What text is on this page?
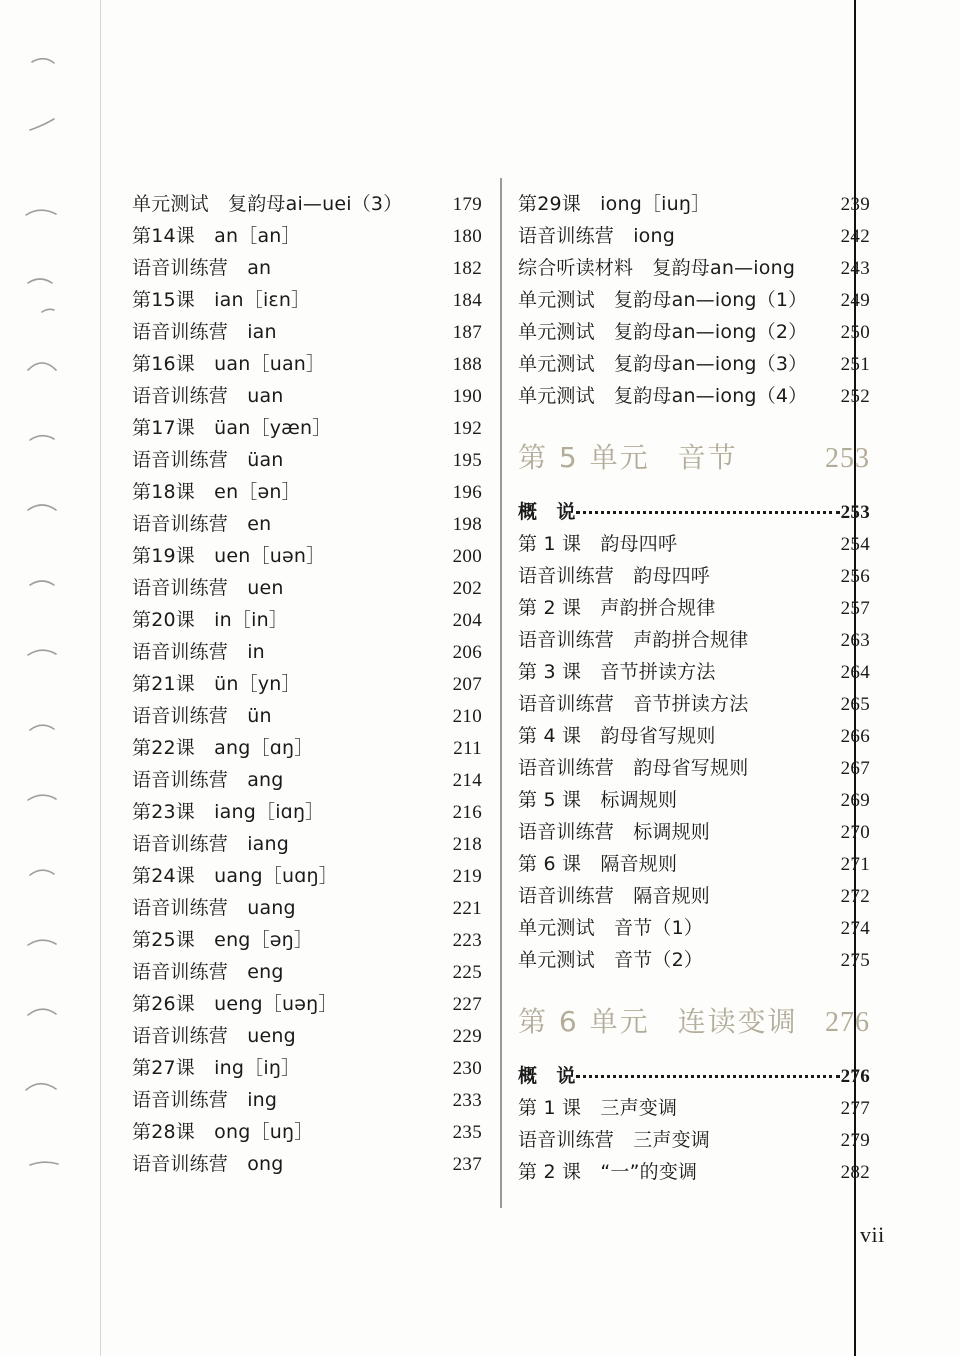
单元测试　复韵母ai—uei（3）	179
第14课　an［an］	180
语音训练营　an	182
第15课　ian［iɛn］	184
语音训练营　ian	187
第16课　uan［uan］	188
语音训练营　uan	190
第17课　üan［yæn］	192
语音训练营　üan	195
第18课　en［ən］	196
语音训练营　en	198
第19课　uen［uən］	200
语音训练营　uen	202
第20课　in［in］	204
语音训练营　in	206
第21课　ün［yn］	207
语音训练营　ün	210
第22课　ang［ɑŋ］	211
语音训练营　ang	214
第23课　iang［iɑŋ］	216
语音训练营　iang	218
第24课　uang［uɑŋ］	219
语音训练营　uang	221
第25课　eng［əŋ］	223
语音训练营　eng	225
第26课　ueng［uəŋ］	227
语音训练营　ueng	229
第27课　ing［iŋ］	230
语音训练营　ing	233
第28课　ong［uŋ］	235
语音训练营　ong	237
第29课　iong［iuŋ］	239
语音训练营　iong	242
综合听读材料　复韵母an—iong 243
单元测试　复韵母an—iong（1） 249
单元测试　复韵母an—iong（2） 250
单元测试　复韵母an—iong（3） 251
单元测试　复韵母an—iong（4） 252
第 5 单元 音节	253
概　说	253
第 1 课　韵母四呼	254
语音训练营　韵母四呼	256
第 2 课　声韵拼合规律	257
语音训练营　声韵拼合规律	263
第 3 课　音节拼读方法	264
语音训练营　音节拼读方法	265
第 4 课　韵母省写规则	266
语音训练营　韵母省写规则	267
第 5 课　标调规则	269
语音训练营　标调规则	270
第 6 课　隔音规则	271
语音训练营　隔音规则	272
单元测试　音节（1）	274
单元测试　音节（2）	275
第 6 单元 连读变调 276
概　说	276
第 1 课　三声变调	277
语音训练营　三声变调	279
第 2 课　“一”的变调	282
vii
